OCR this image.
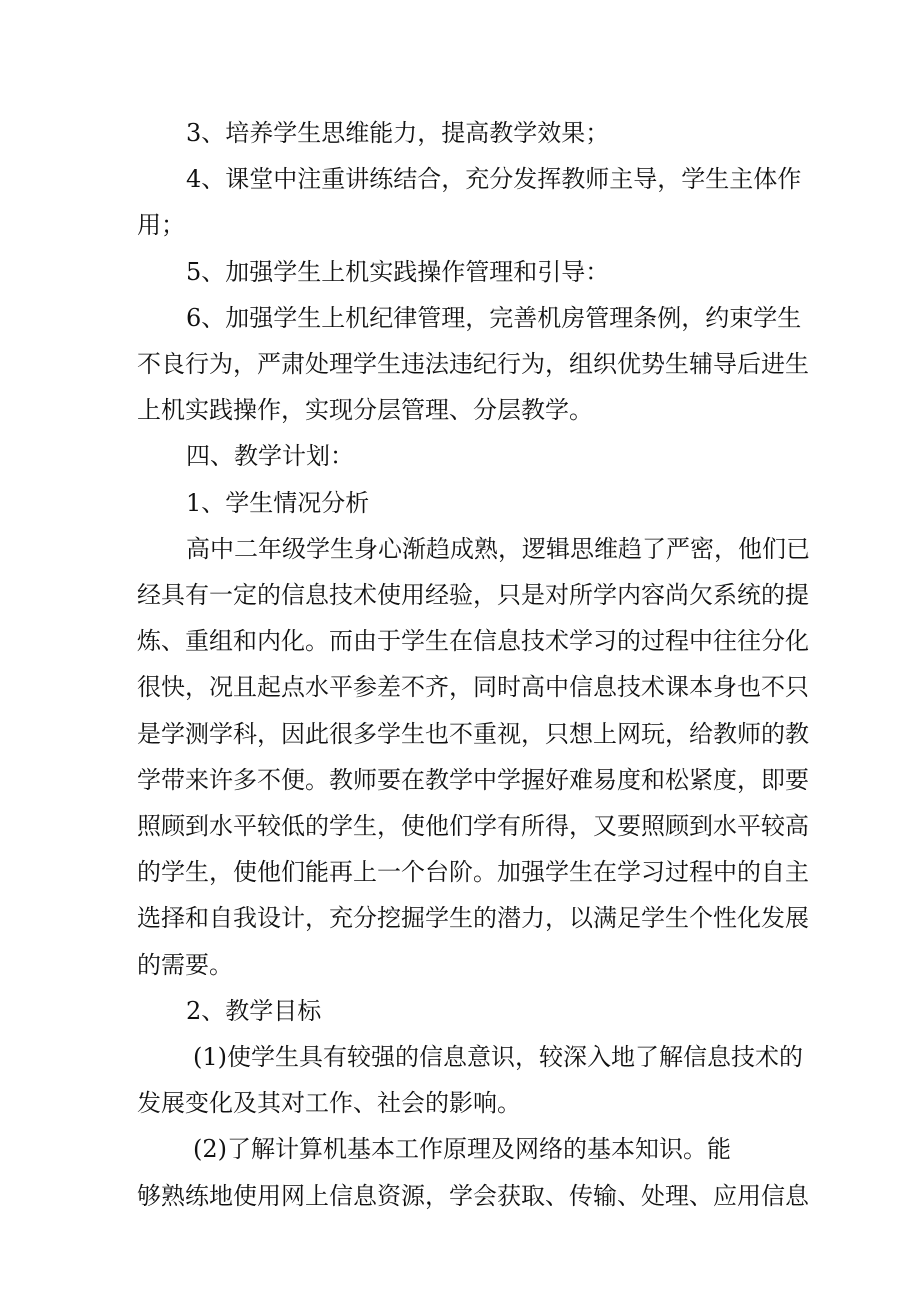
3、培养学生思维能力，提高教学效果；

4、课堂中注重讲练结合，充分发挥教师主导，学生主体作

用；

5、加强学生上机实践操作管理和引导：

6、加强学生上机纪律管理，完善机房管理条例，约束学生

不良行为，严肃处理学生违法违纪行为，组织优势生辅导后进生

上机实践操作，实现分层管理、分层教学。

四、教学计划：

1、学生情况分析

高中二年级学生身心渐趋成熟，逻辑思维趋了严密，他们已

经具有一定的信息技术使用经验，只是对所学内容尚欠系统的提

炼、重组和内化。而由于学生在信息技术学习的过程中往往分化

很快，况且起点水平参差不齐，同时高中信息技术课本身也不只

是学测学科，因此很多学生也不重视，只想上网玩，给教师的教

学带来许多不便。教师要在教学中学握好难易度和松紧度，即要

照顾到水平较低的学生，使他们学有所得，又要照顾到水平较高

的学生，使他们能再上一个台阶。加强学生在学习过程中的自主

选择和自我设计，充分挖掘学生的潜力，以满足学生个性化发展

的需要。

2、教学目标

(1)使学生具有较强的信息意识，较深入地了解信息技术的

发展变化及其对工作、社会的影响。

(2)了解计算机基本工作原理及网络的基本知识。能

够熟练地使用网上信息资源，学会获取、传输、处理、应用信息
